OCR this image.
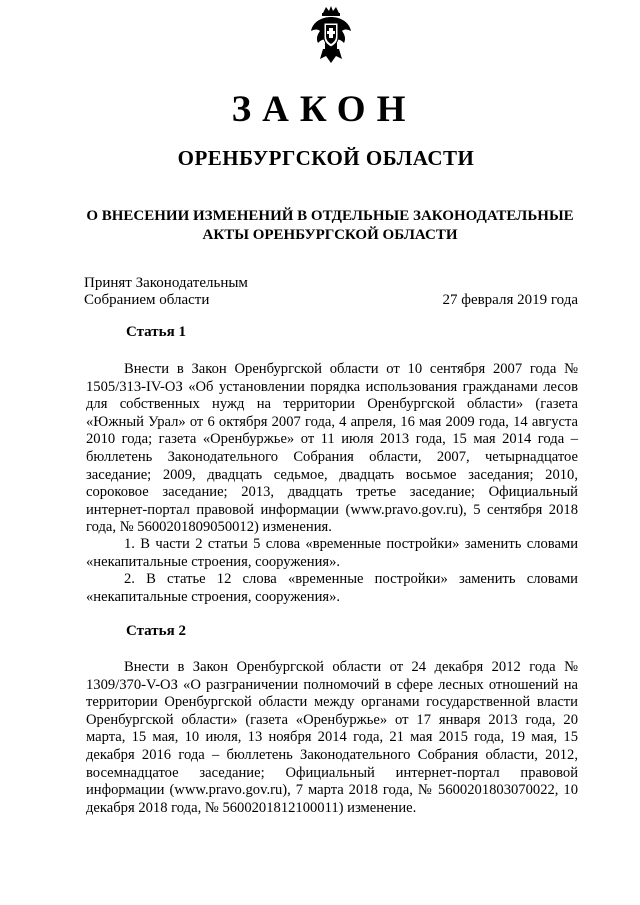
ЗАКОН
ОРЕНБУРГСКОЙ ОБЛАСТИ
О ВНЕСЕНИИ ИЗМЕНЕНИЙ В ОТДЕЛЬНЫЕ ЗАКОНОДАТЕЛЬНЫЕ
АКТЫ ОРЕНБУРГСКОЙ ОБЛАСТИ
Принят Законодательным
Собранием области	27 февраля 2019 года
Статья 1

Внести в Закон Оренбургской области от 10 сентября 2007 года № 1505/313-IV-ОЗ «Об установлении порядка использования гражданами лесов для собственных нужд на территории Оренбургской области» (газета «Южный Урал» от 6 октября 2007 года, 4 апреля, 16 мая 2009 года, 14 августа 2010 года; газета «Оренбуржье» от 11 июля 2013 года, 15 мая 2014 года – бюллетень Законодательного Собрания области, 2007, четырнадцатое заседание; 2009, двадцать седьмое, двадцать восьмое заседания; 2010, сороковое заседание; 2013, двадцать третье заседание; Официальный интернет-портал правовой информации (www.pravo.gov.ru), 5 сентября 2018 года, № 5600201809050012) изменения.

1. В части 2 статьи 5 слова «временные постройки» заменить словами «некапитальные строения, сооружения».

2. В статье 12 слова «временные постройки» заменить словами «некапитальные строения, сооружения».

Статья 2

Внести в Закон Оренбургской области от 24 декабря 2012 года № 1309/370-V-ОЗ «О разграничении полномочий в сфере лесных отношений на территории Оренбургской области между органами государственной власти Оренбургской области» (газета «Оренбуржье» от 17 января 2013 года, 20 марта, 15 мая, 10 июля, 13 ноября 2014 года, 21 мая 2015 года, 19 мая, 15 декабря 2016 года – бюллетень Законодательного Собрания области, 2012, восемнадцатое заседание; Официальный интернет-портал правовой информации (www.pravo.gov.ru), 7 марта 2018 года, № 5600201803070022, 10 декабря 2018 года, № 5600201812100011) изменение.
